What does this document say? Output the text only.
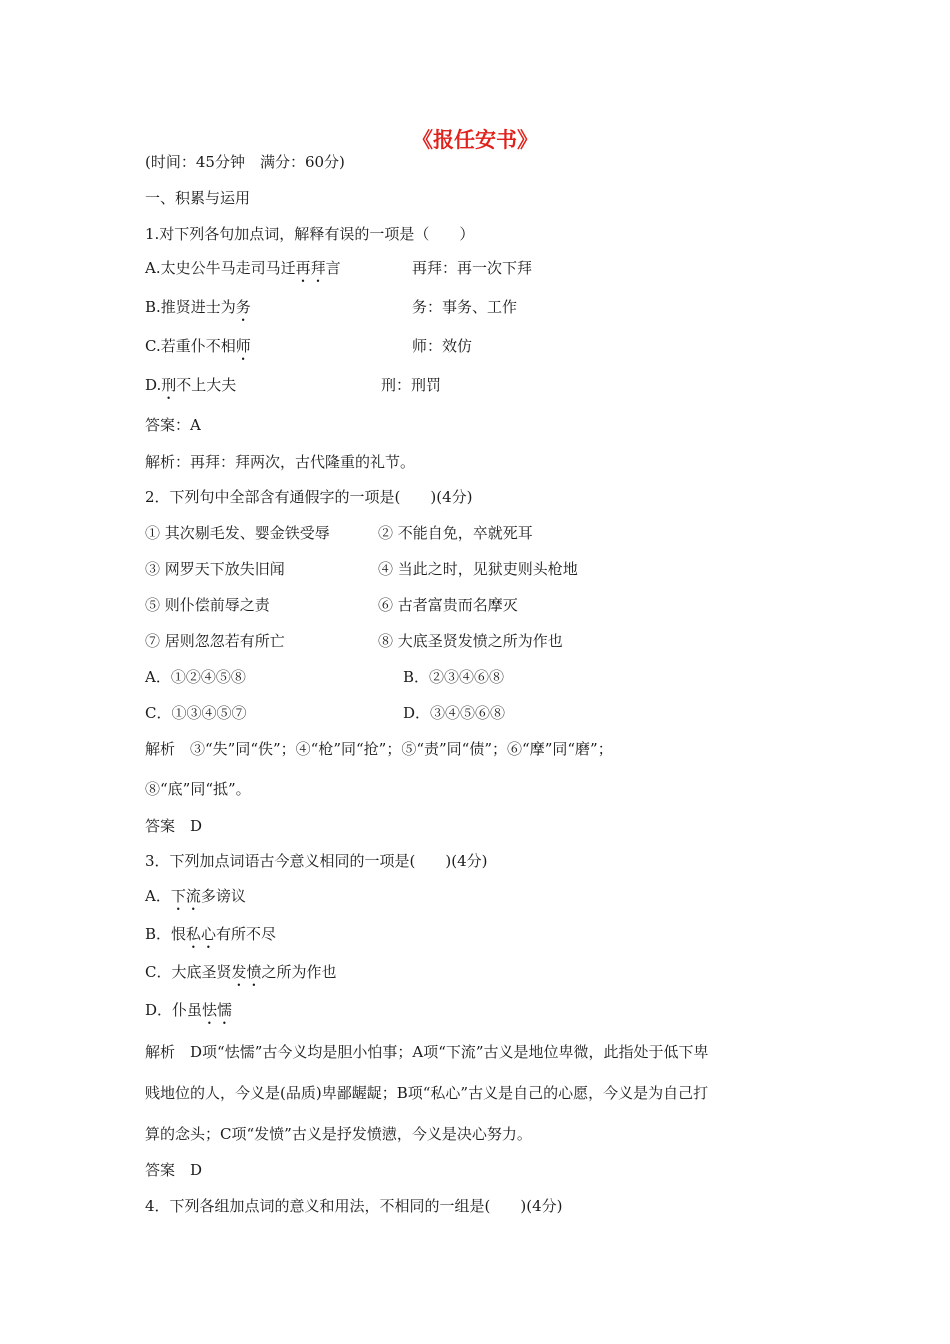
《报任安书》
(时间：45分钟　满分：60分)
一、积累与运用
1.对下列各句加点词，解释有误的一项是（　　）
A.太史公牛马走司马迁再拜言	再拜：再一次下拜
B.推贤进士为务	务：事务、工作
C.若重仆不相师	师：效仿
D.刑不上大夫	刑：刑罚
答案：A
解析：再拜：拜两次，古代隆重的礼节。
2．下列句中全部含有通假字的一项是(　　)(4分)
① 其次剔毛发、婴金铁受辱	② 不能自免，卒就死耳
③ 网罗天下放失旧闻	④ 当此之时，见狱吏则头枪地
⑤ 则仆偿前辱之责	⑥ 古者富贵而名摩灭
⑦ 居则忽忽若有所亡	⑧ 大底圣贤发愤之所为作也
A．①②④⑤⑧	B．②③④⑥⑧
C．①③④⑤⑦	D．③④⑤⑥⑧
解析　③“失”同“佚”；④“枪”同“抢”；⑤“责”同“债”；⑥“摩”同“磨”；
⑧“底”同“抵”。
答案　D
3．下列加点词语古今意义相同的一项是(　　)(4分)
A．下流多谤议
B．恨私心有所不尽
C．大底圣贤发愤之所为作也
D．仆虽怯懦
解析　D项“怯懦”古今义均是胆小怕事；A项“下流”古义是地位卑微，此指处于低下卑
贱地位的人，今义是(品质)卑鄙龌龊；B项“私心”古义是自己的心愿，今义是为自己打
算的念头；C项“发愤”古义是抒发愤懑，今义是决心努力。
答案　D
4．下列各组加点词的意义和用法，不相同的一组是(　　)(4分)
